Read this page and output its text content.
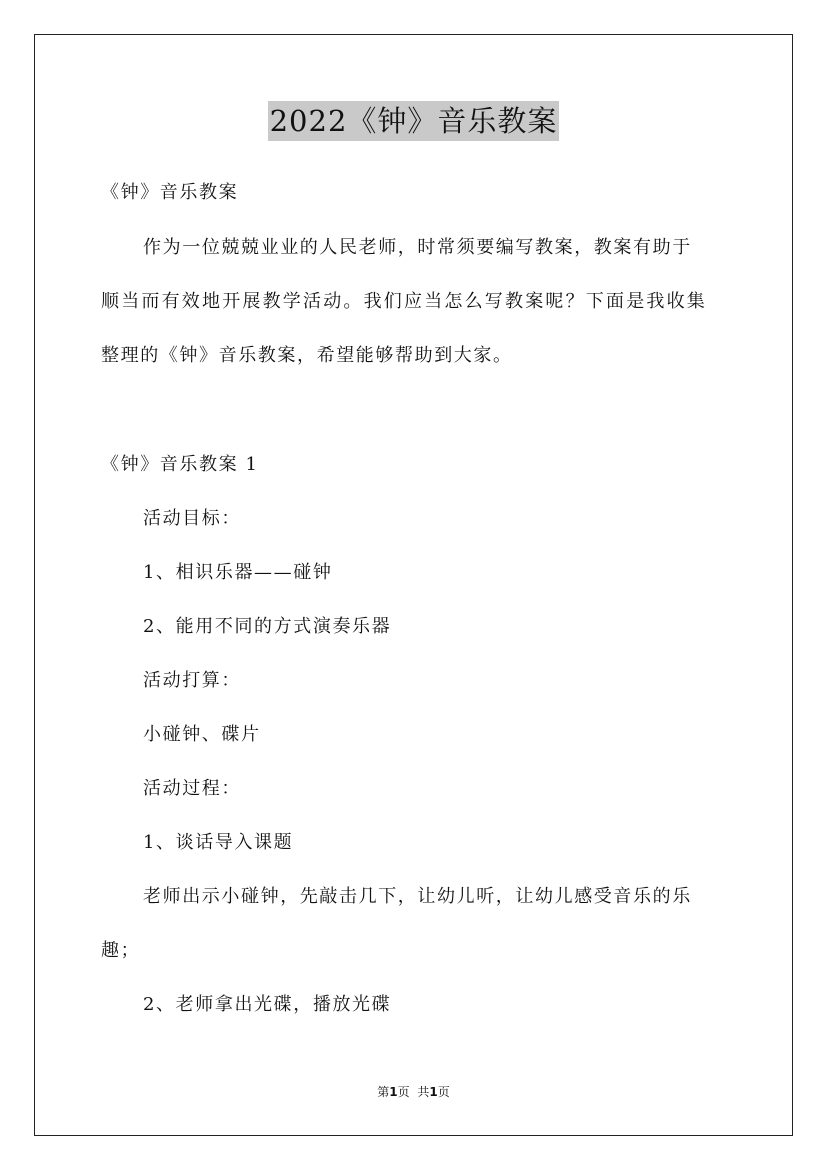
2022《钟》音乐教案
《钟》音乐教案
作为一位兢兢业业的人民老师，时常须要编写教案，教案有助于
顺当而有效地开展教学活动。我们应当怎么写教案呢？下面是我收集
整理的《钟》音乐教案，希望能够帮助到大家。
《钟》音乐教案 1
活动目标：
1、相识乐器——碰钟
2、能用不同的方式演奏乐器
活动打算：
小碰钟、碟片
活动过程：
1、谈话导入课题
老师出示小碰钟，先敲击几下，让幼儿听，让幼儿感受音乐的乐
趣；
2、老师拿出光碟，播放光碟
第1页 共1页
